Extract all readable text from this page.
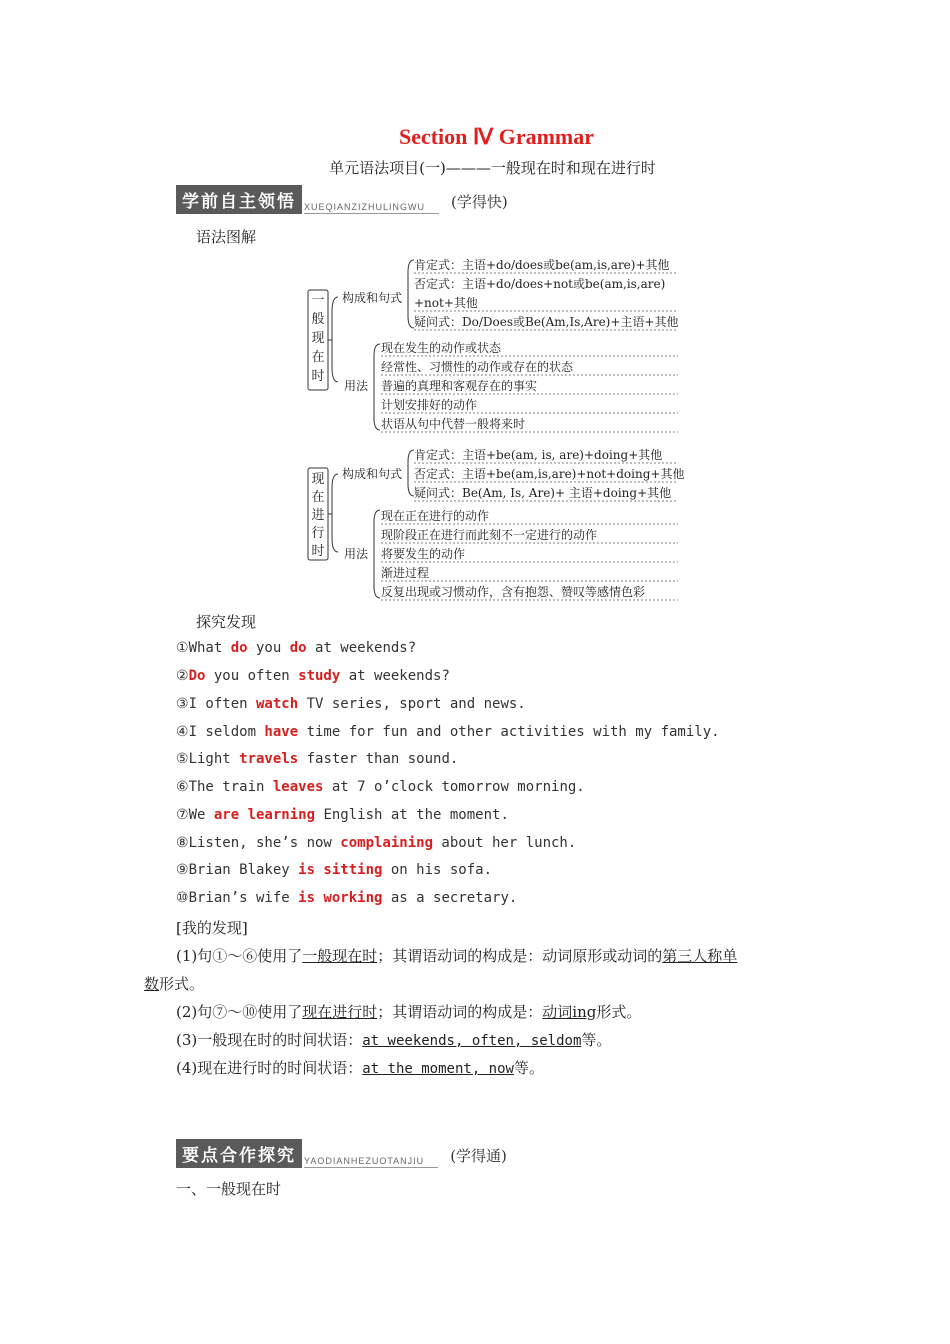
Section Ⅳ Grammar
单元语法项目(一)———一般现在时和现在进行时
学前自主领悟 XUEQIANZIZHULINGWU	(学得快)
语法图解
一般现在时
构成和句式
肯定式：主语+do/does或be(am,is,are)+其他
否定式：主语+do/does+not或be(am,is,are)
+not+其他
疑问式：Do/Does或Be(Am,Is,Are)+主语+其他
用法
现在发生的动作或状态
经常性、习惯性的动作或存在的状态
普遍的真理和客观存在的事实
计划安排好的动作
状语从句中代替一般将来时
现在进行时
构成和句式
肯定式：主语+be(am, is, are)+doing+其他
否定式：主语+be(am,is,are)+not+doing+其他
疑问式：Be(Am, Is, Are)+ 主语+doing+其他
用法
现在正在进行的动作
现阶段正在进行而此刻不一定进行的动作
将要发生的动作
渐进过程
反复出现或习惯动作，含有抱怨、赞叹等感情色彩
探究发现
①What do you do at weekends?
②Do you often study at weekends?
③I often watch TV series, sport and news.
④I seldom have time for fun and other activities with my family.
⑤Light travels faster than sound.
⑥The train leaves at 7 o’clock tomorrow morning.
⑦We are learning English at the moment.
⑧Listen, she’s now complaining about her lunch.
⑨Brian Blakey is sitting on his sofa.
⑩Brian’s wife is working as a secretary.
[我的发现]
(1)句①～⑥使用了一般现在时；其谓语动词的构成是：动词原形或动词的第三人称单
数形式。
(2)句⑦～⑩使用了现在进行时；其谓语动词的构成是：动词ing形式。
(3)一般现在时的时间状语：at weekends, often, seldom等。
(4)现在进行时的时间状语：at the moment, now等。
要点合作探究 YAODIANHEZUOTANJIU	(学得通)
一、一般现在时
